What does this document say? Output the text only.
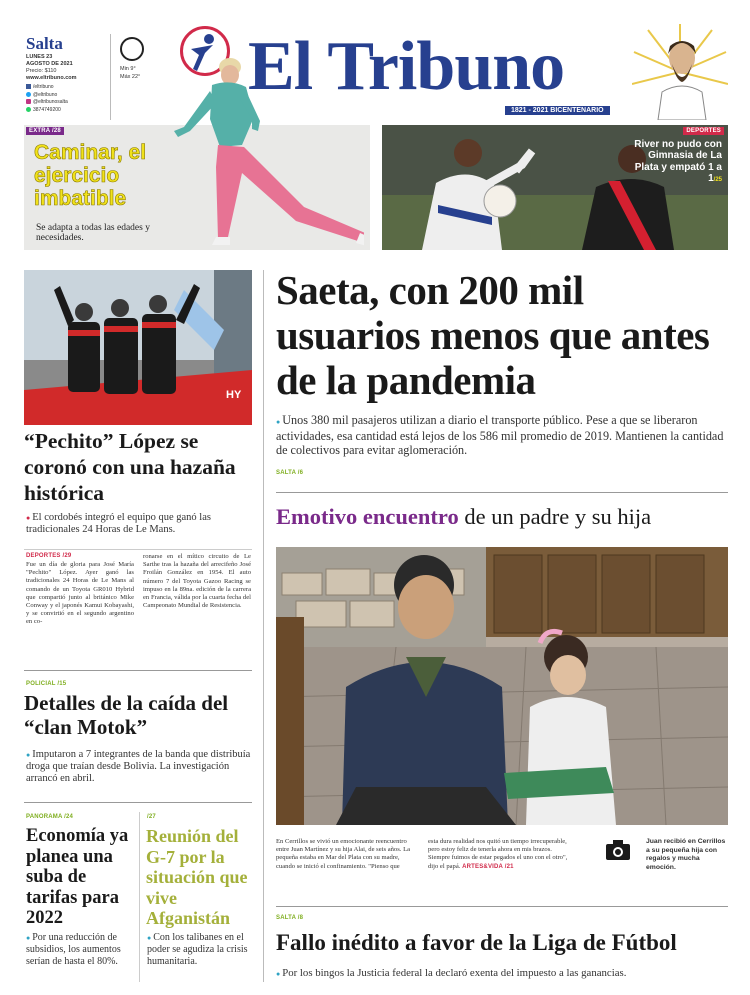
Salta
LUNES 23
AGOSTO DE 2021
Precio: $110
www.eltribuno.com
/eltribuno
@eltribuno
@eltribunosalta
3874749200
Min 9°
Máx 22° El Tribuno
1821 - 2021 BICENTENARIO
EXTRA /28
Caminar, el ejercicio imbatible
Se adapta a todas las edades y necesidades.
DEPORTES
River no pudo con Gimnasia de La Plata y empató 1 a 1/25
HY
“Pechito” López se coronó con una hazaña histórica
● El cordobés integró el equipo que ganó las tradicionales 24 Horas de Le Mans.
DEPORTES /29
Fue un día de gloria para José María "Pechito" López. Ayer ganó las tradicionales 24 Horas de Le Mans al comando de un Toyota GR010 Hybrid que compartió junto al británico Mike Conway y el japonés Kamui Kobayashi, y se convirtió en el segundo argentino en co-
ronarse en el mítico circuito de Le Sarthe tras la hazaña del arrecifeño José Froilán González en 1954. El auto número 7 del Toyota Gazoo Racing se impuso en la 89na. edición de la carrera en Francia, válida por la cuarta fecha del Campeonato Mundial de Resistencia.
POLICIAL /15
Detalles de la caída del “clan Motok”
● Imputaron a 7 integrantes de la banda que distribuía droga que traían desde Bolivia. La investigación arrancó en abril.
PANORAMA /24
Economía ya planea una suba de tarifas para 2022
● Por una reducción de subsidios, los aumentos serían de hasta el 80%.
/27
Reunión del G-7 por la situación que vive Afganistán
● Con los talibanes en el poder se agudiza la crisis humanitaria.
Saeta, con 200 mil usuarios menos que antes de la pandemia
● Unos 380 mil pasajeros utilizan a diario el transporte público. Pese a que se liberaron actividades, esa cantidad está lejos de los 586 mil promedio de 2019. Mantienen la cantidad de colectivos para evitar aglomeración.
SALTA /6
Emotivo encuentro de un padre y su hija
En Cerrillos se vivió un emocionante reencuentro entre Juan Martínez y su hija Alai, de seis años. La pequeña estaba en Mar del Plata con su madre, cuando se inició el confinamiento. "Pienso que
esta dura realidad nos quitó un tiempo irrecuperable, pero estoy feliz de tenerla ahora en mis brazos. Siempre fuimos de estar pegados el uno con el otro", dijo el papá. ARTES&VIDA /21
Juan recibió en Cerrillos a su pequeña hija con regalos y mucha emoción.
SALTA /8
Fallo inédito a favor de la Liga de Fútbol
● Por los bingos la Justicia federal la declaró exenta del impuesto a las ganancias.
